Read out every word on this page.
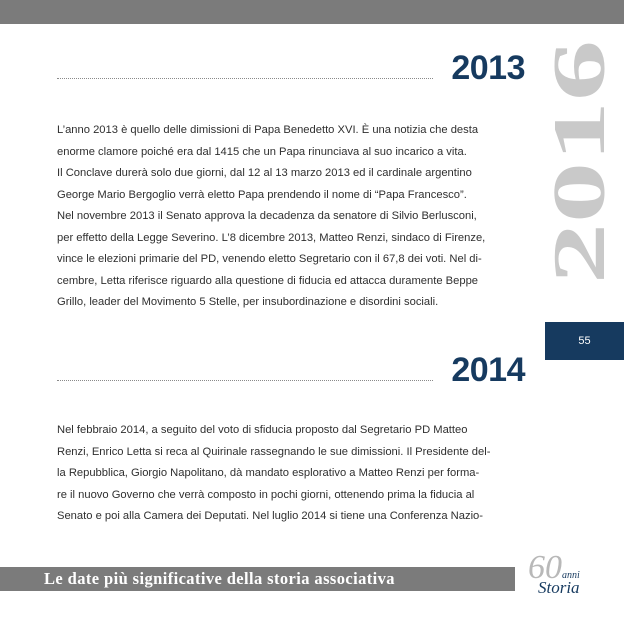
2013

L’anno 2013 è quello delle dimissioni di Papa Benedetto XVI. È una notizia che desta

enorme clamore poiché era dal 1415 che un Papa rinunciava al suo incarico a vita.

Il Conclave durerà solo due giorni, dal 12 al 13 marzo 2013 ed il cardinale argentino

George Mario Bergoglio verrà eletto Papa prendendo il nome di “Papa Francesco”.

Nel novembre 2013 il Senato approva la decadenza da senatore di Silvio Berlusconi,

per effetto della Legge Severino. L’8 dicembre 2013, Matteo Renzi, sindaco di Firenze,

vince le elezioni primarie del PD, venendo eletto Segretario con il 67,8 dei voti. Nel di-

cembre, Letta riferisce riguardo alla questione di fiducia ed attacca duramente Beppe

Grillo, leader del Movimento 5 Stelle, per insubordinazione e disordini sociali.

2014

Nel febbraio 2014, a seguito del voto di sfiducia proposto dal Segretario PD Matteo

Renzi, Enrico Letta si reca al Quirinale rassegnando le sue dimissioni. Il Presidente del-

la Repubblica, Giorgio Napolitano, dà mandato esplorativo a Matteo Renzi per forma-

re il nuovo Governo che verrà composto in pochi giorni, ottenendo prima la fiducia al

Senato e poi alla Camera dei Deputati. Nel luglio 2014 si tiene una Conferenza Nazio-

2016
55
Le date più significative della storia associativa	60 anni
Storia
